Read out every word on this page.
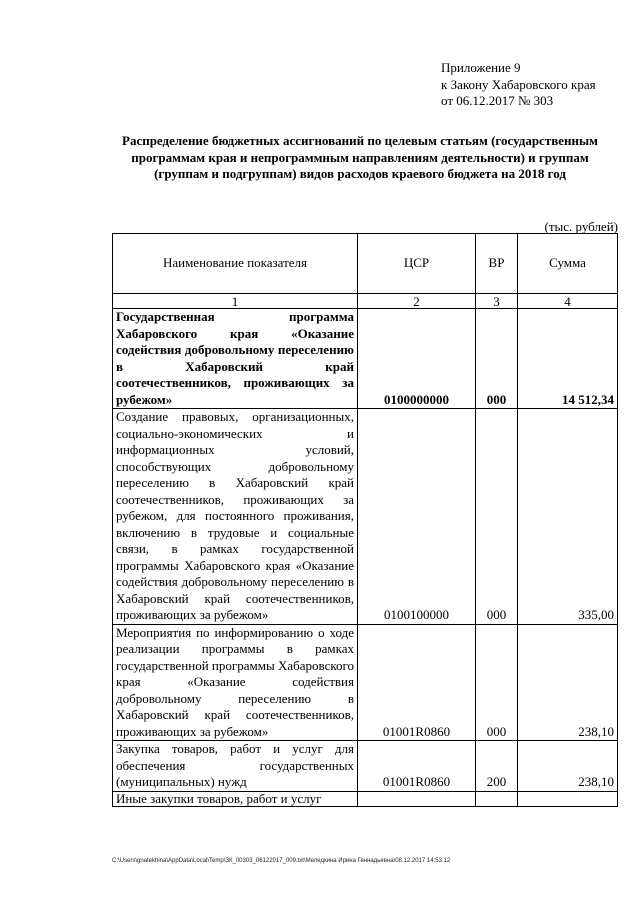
Приложение 9
к Закону Хабаровского края
от 06.12.2017 № 303
Распределение бюджетных ассигнований по целевым статьям (государственным программам края и непрограммным направлениям деятельности) и группам (группам и подгруппам) видов расходов краевого бюджета на 2018 год
(тыс. рублей)
Наименование показателя	ЦСР	ВР	Сумма
1	2	3	4
Государственная программа Хабаровского края «Оказание содействия добровольному переселению в Хабаровский край соотечественников, проживающих за рубежом»	0100000000	000	14 512,34
Создание правовых, организационных, социально-экономических и информационных условий, способствующих добровольному переселению в Хабаровский край соотечественников, проживающих за рубежом, для постоянного проживания, включению в трудовые и социальные связи, в рамках государственной программы Хабаровского края «Оказание содействия добровольному переселению в Хабаровский край соотечественников, проживающих за рубежом»	0100100000	000	335,00
Мероприятия по информированию о ходе реализации программы в рамках государственной программы Хабаровского края «Оказание содействия добровольному переселению в Хабаровский край соотечественников, проживающих за рубежом»	01001R0860	000	238,10
Закупка товаров, работ и услуг для обеспечения государственных (муниципальных) нужд	01001R0860	200	238,10
Иные закупки товаров, работ и услуг			
C:\Users\gnatekhina\AppData\Local\Temp\ЗК_00303_06122017_009.txt\Меледкина Ирина Геннадьевна\08.12.2017 14:53:12
